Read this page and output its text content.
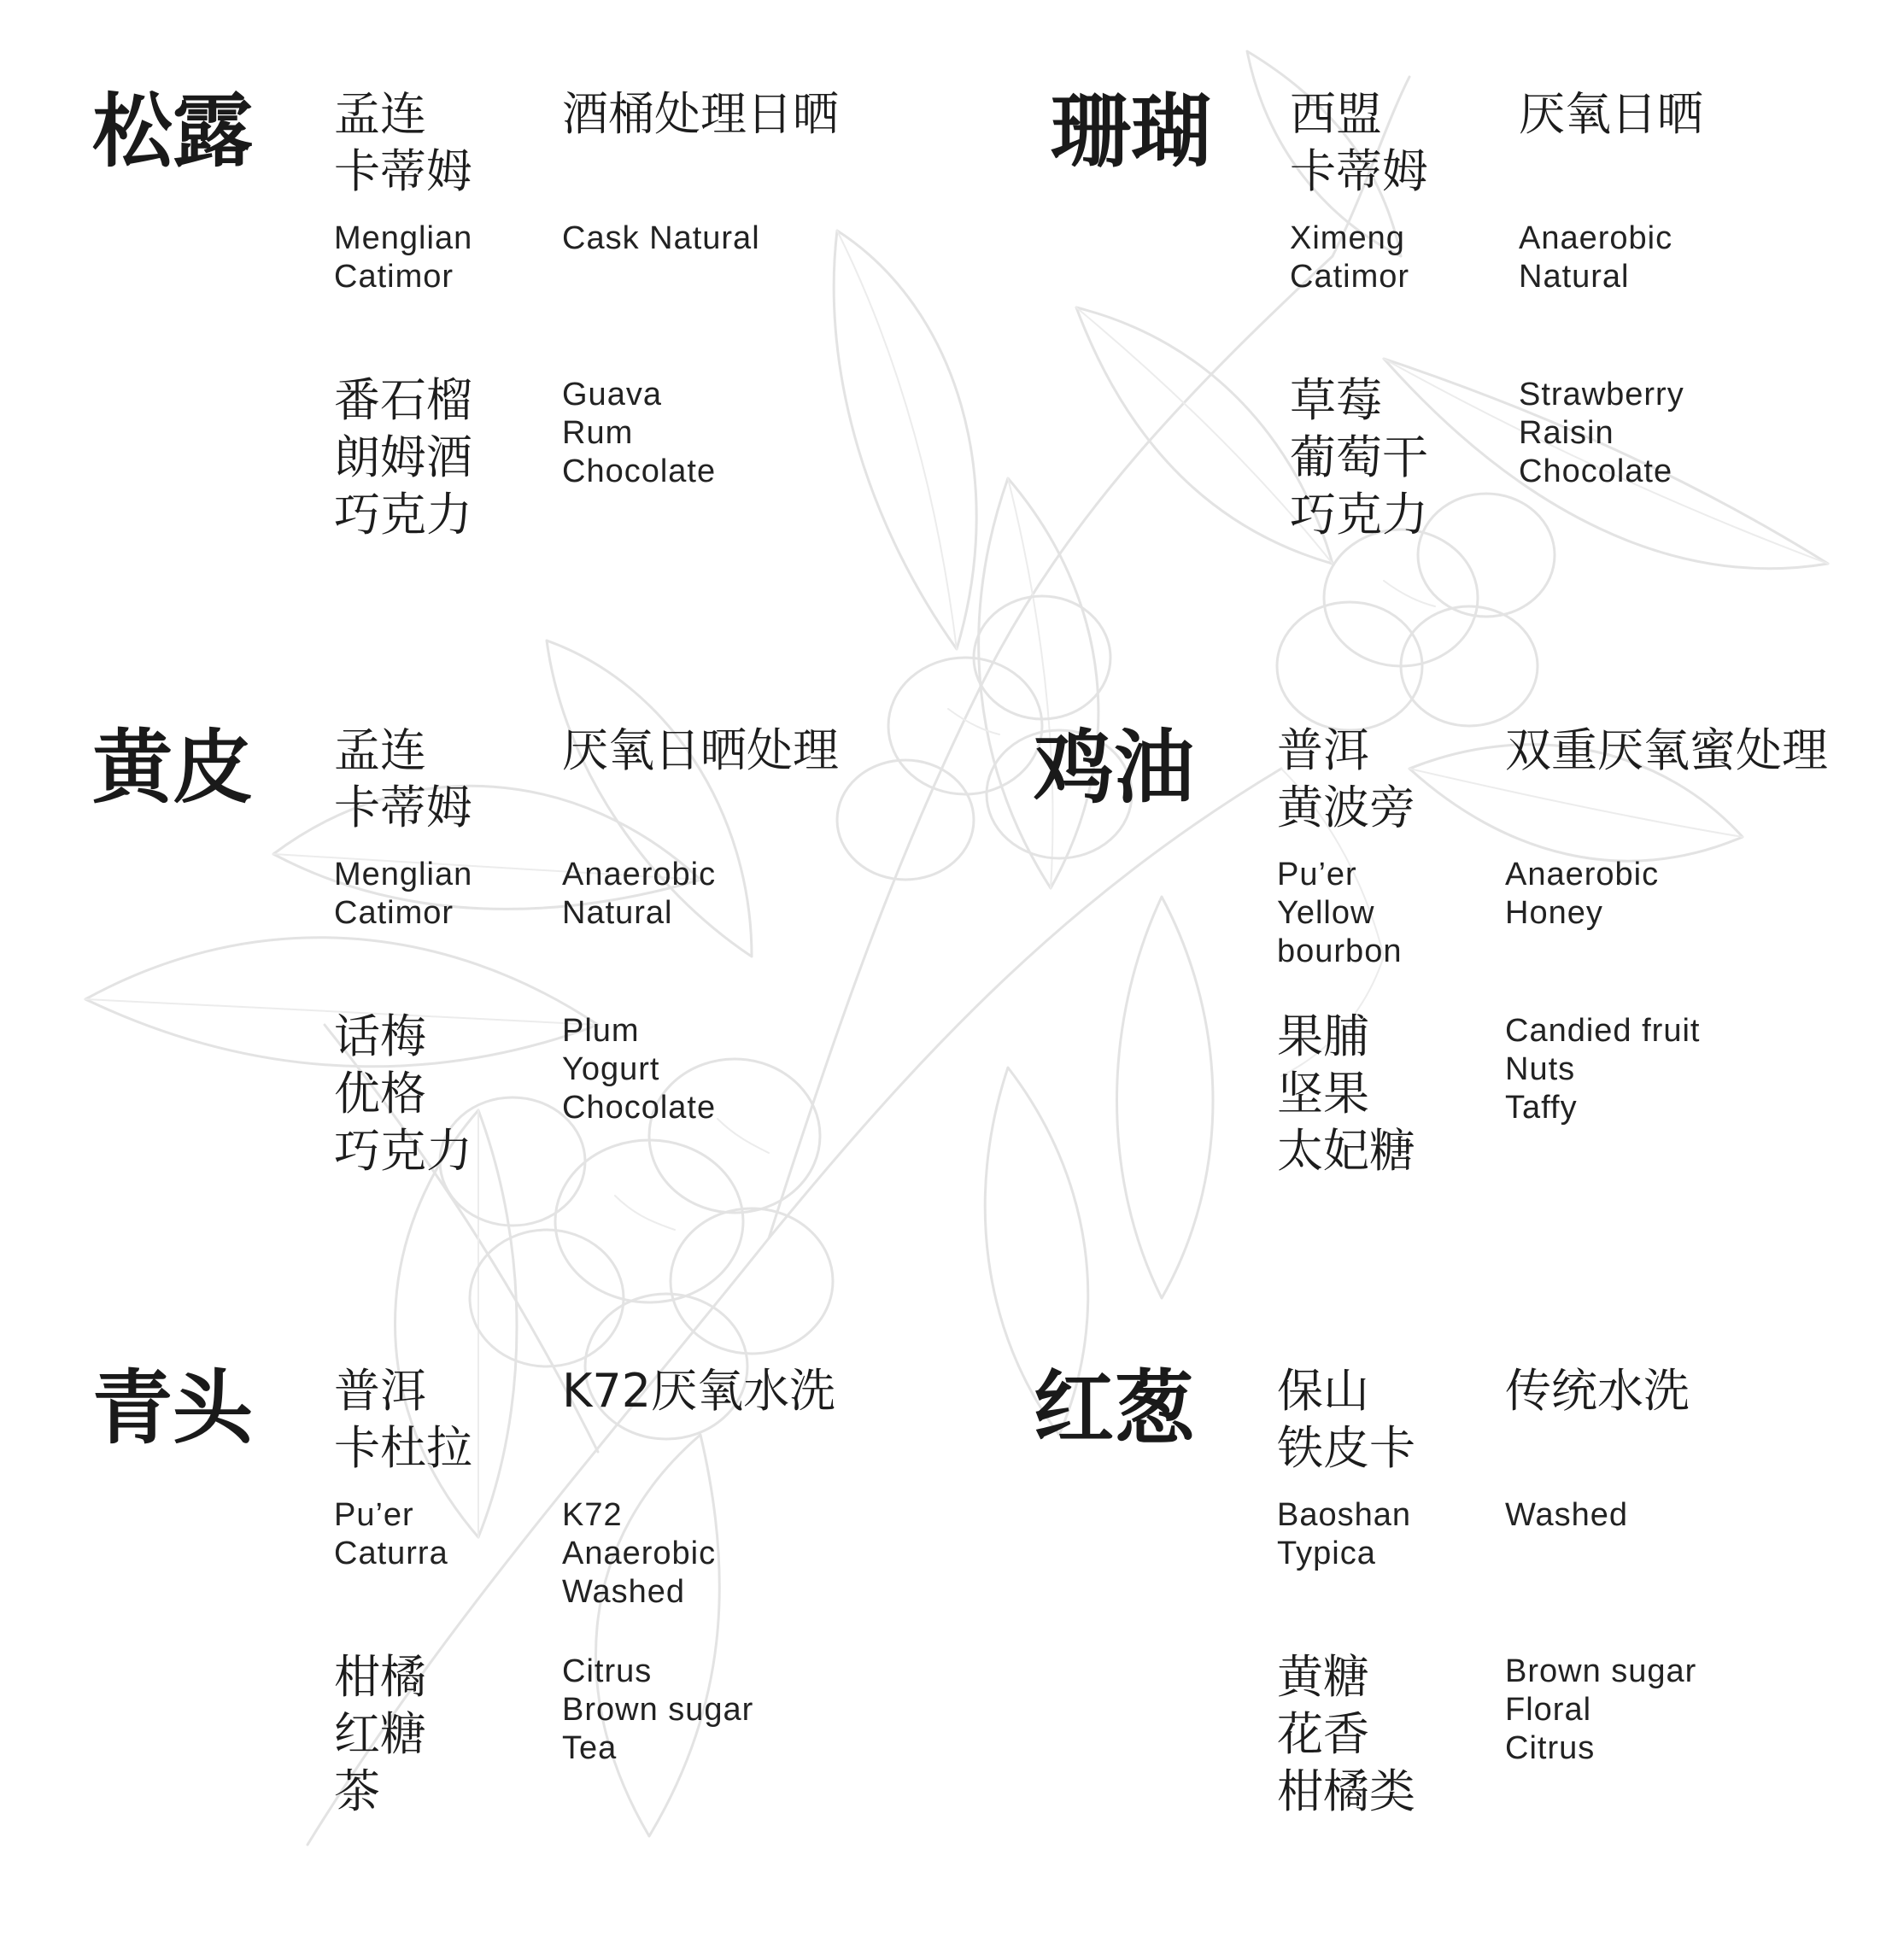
松露 孟连
卡蒂姆
酒桶处理日晒
Menglian
Catimor
Cask Natural
番石榴
朗姆酒
巧克力
Guava
Rum
Chocolate
珊瑚 西盟
卡蒂姆
厌氧日晒
Ximeng
Catimor
Anaerobic
Natural
草莓
葡萄干
巧克力
Strawberry
Raisin
Chocolate
黄皮 孟连
卡蒂姆
厌氧日晒处理
Menglian
Catimor
Anaerobic
Natural
话梅
优格
巧克力
Plum
Yogurt
Chocolate
鸡油 普洱
黄波旁
双重厌氧蜜处理
Pu’er
Yellow
bourbon
Anaerobic
Honey
果脯
坚果
太妃糖
Candied fruit
Nuts
Taffy
青头 普洱
卡杜拉
K72厌氧水洗
Pu’er
Caturra
K72
Anaerobic
Washed
柑橘
红糖
茶
Citrus
Brown sugar
Tea
红葱 保山
铁皮卡
传统水洗
Baoshan
Typica
Washed
黄糖
花香
柑橘类
Brown sugar
Floral
Citrus
